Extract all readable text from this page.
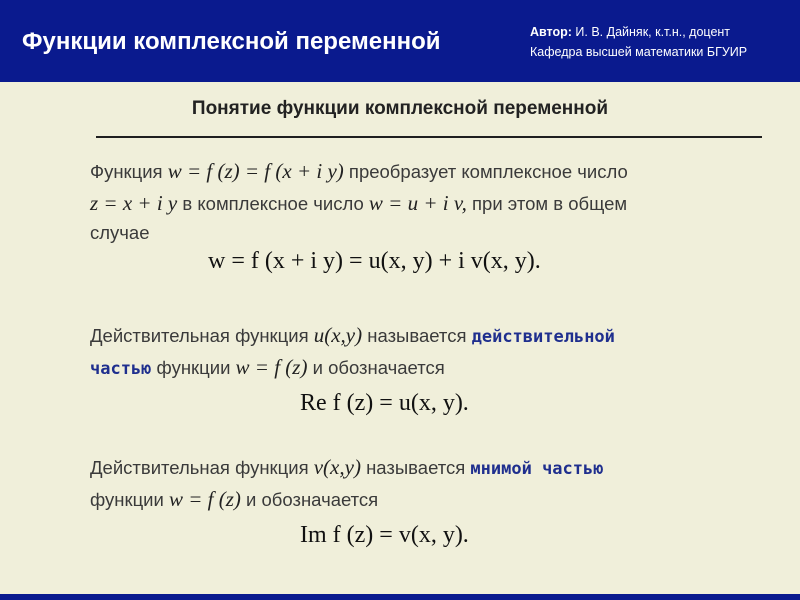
Функции комплексной переменной	Автор: И. В. Дайняк, к.т.н., доцент
Кафедра высшей математики БГУИР
Понятие функции комплексной переменной
Функция w = f (z) = f (x + i y) преобразует комплексное число
z = x + i y в комплексное число w = u + i v, при этом в общем
случае
w = f (x + i y) = u(x, y) + i v(x, y).
Действительная функция u(x,y) называется действительной
частью функции w = f (z) и обозначается
Re f (z) = u(x, y).
Действительная функция v(x,y) называется мнимой частью
функции w = f (z) и обозначается
Im f (z) = v(x, y).
